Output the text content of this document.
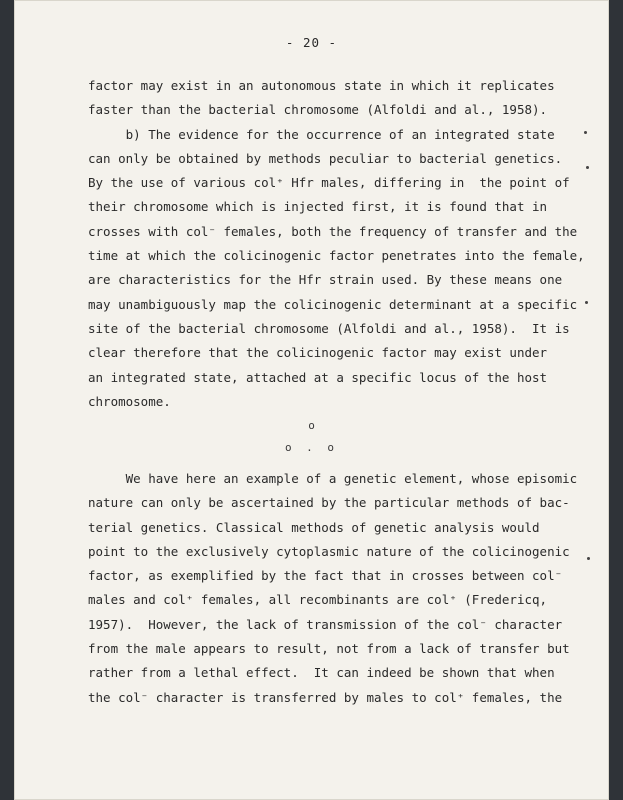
- 20 -
factor may exist in an autonomous state in which it replicates
faster than the bacterial chromosome (Alfoldi and al., 1958).
b) The evidence for the occurrence of an integrated state
can only be obtained by methods peculiar to bacterial genetics.
By the use of various col⁺ Hfr males, differing in  the point of
their chromosome which is injected first, it is found that in
crosses with col⁻ females, both the frequency of transfer and the
time at which the colicinogenic factor penetrates into the female,
are characteristics for the Hfr strain used. By these means one
may unambiguously map the colicinogenic determinant at a specific
site of the bacterial chromosome (Alfoldi and al., 1958).  It is
clear therefore that the colicinogenic factor may exist under
an integrated state, attached at a specific locus of the host
chromosome.
o
o . o
We have here an example of a genetic element, whose episomic
nature can only be ascertained by the particular methods of bac-
terial genetics. Classical methods of genetic analysis would
point to the exclusively cytoplasmic nature of the colicinogenic
factor, as exemplified by the fact that in crosses between col⁻
males and col⁺ females, all recombinants are col⁺ (Fredericq,
1957).  However, the lack of transmission of the col⁻ character
from the male appears to result, not from a lack of transfer but
rather from a lethal effect.  It can indeed be shown that when
the col⁻ character is transferred by males to col⁺ females, the
